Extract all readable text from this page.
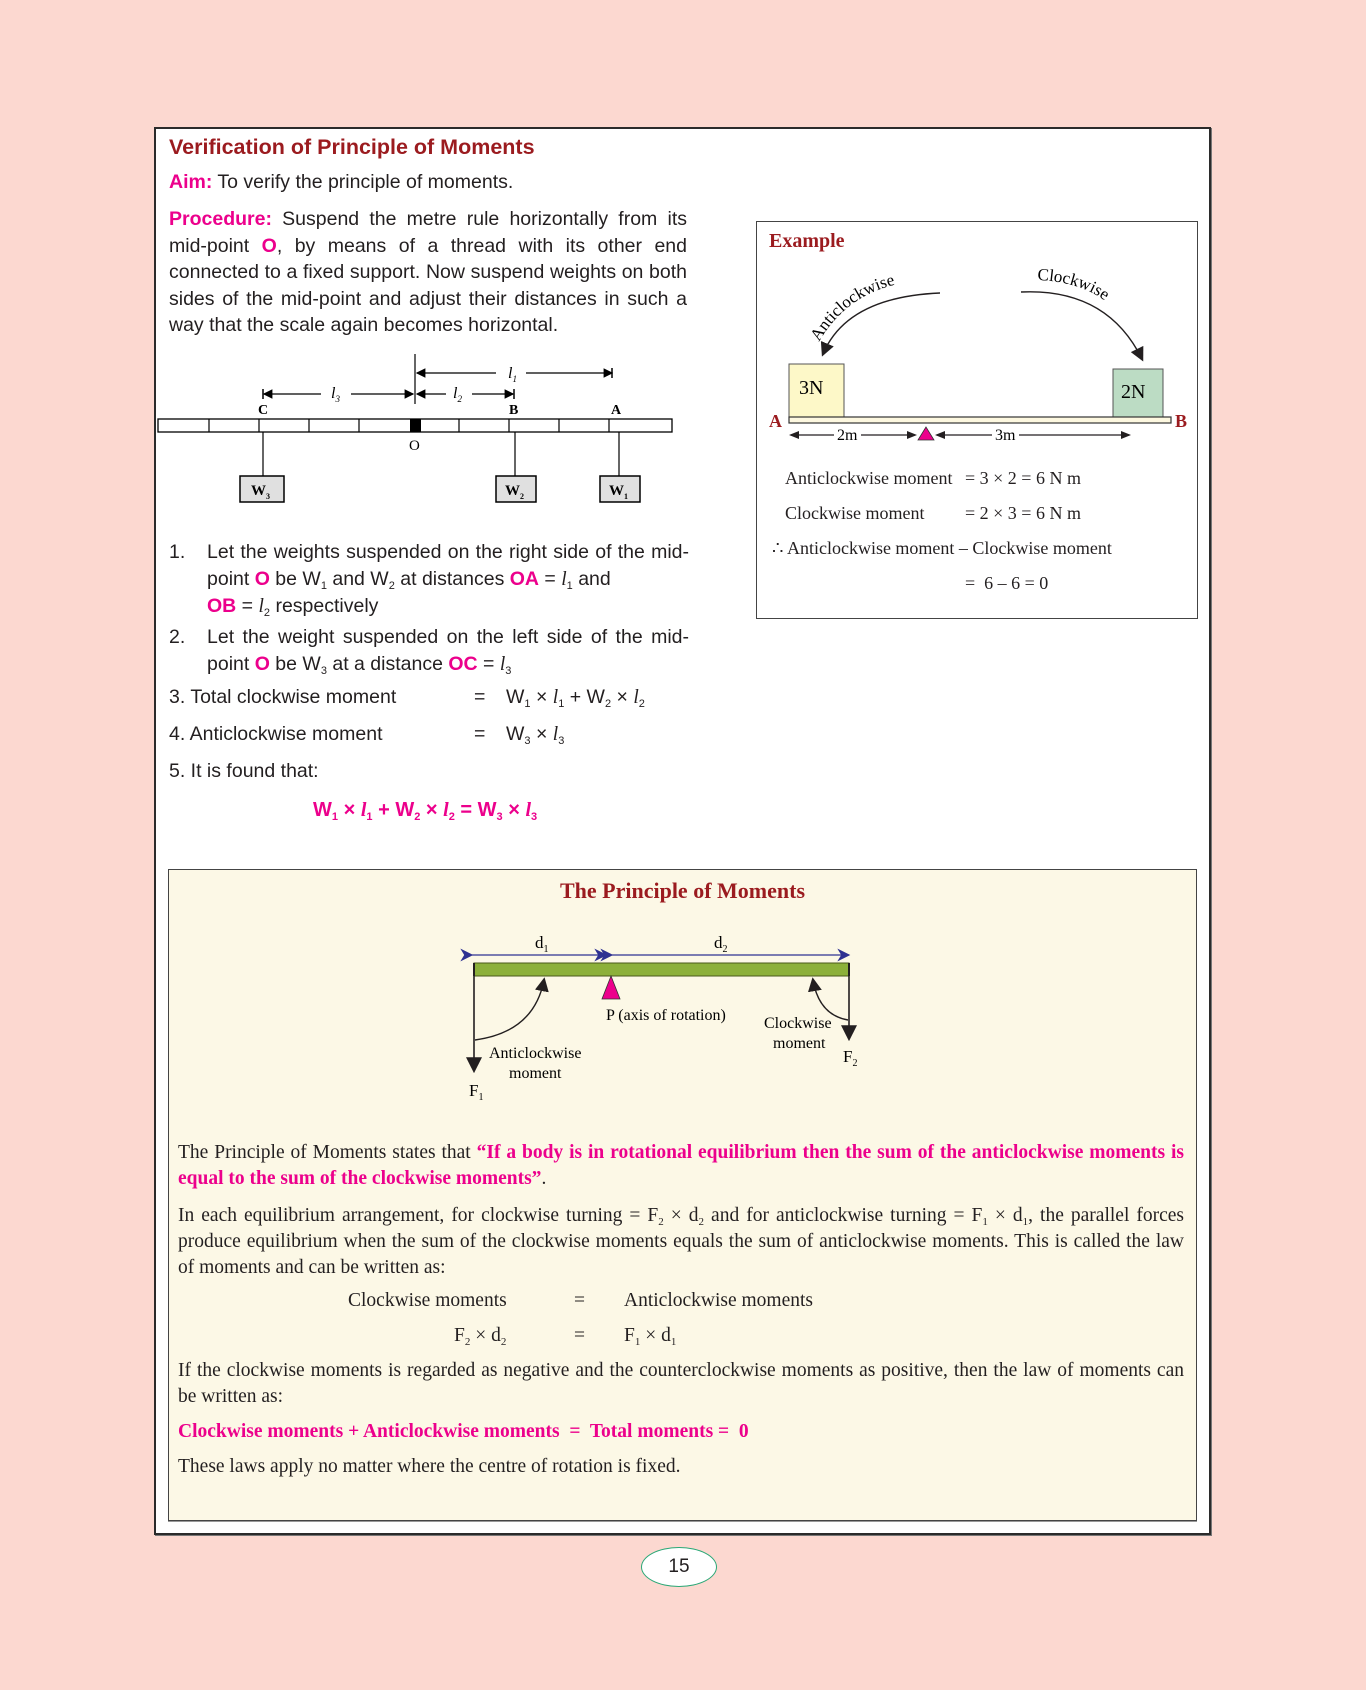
Verification of Principle of Moments
Aim: To verify the principle of moments.
Procedure: Suspend the metre rule horizontally from its mid-point O, by means of a thread with its other end connected to a fixed support. Now suspend weights on both sides of the mid-point and adjust their distances in such a way that the scale again becomes horizontal.
$l_1$
$l_3$	$l_2$
C	B	A
O
$W_3$	$W_2$	$W_1$
1.	Let the weights suspended on the right side of the mid-point O be $W_1$ and $W_2$ at distances OA = $l_1$ and
OB = $l_2$ respectively
2.	Let the weight suspended on the left side of the mid-point O be $W_3$ at a distance OC = $l_3$
3. Total clockwise moment	= $W_1 \times l_1 + W_2 \times l_2$
4. Anticlockwise moment	= $W_3 \times l_3$
5. It is found that:
$W_1 \times l_1 + W_2 \times l_2 = W_3 \times l_3$
Example
Anticlockwise	Clockwise
3N	2N
A	B
2m	3m
Anticlockwise moment = 3 × 2 = 6 N m
Clockwise moment = 2 × 3 = 6 N m
∴ Anticlockwise moment – Clockwise moment
=  6 – 6 = 0
The Principle of Moments
$d_1$	$d_2$
P (axis of rotation)
$F_1$
Anticlockwise
moment
$F_2$
Clockwise
moment
The Principle of Moments states that “If a body is in rotational equilibrium then the sum of the anticlockwise moments is equal to the sum of the clockwise moments”.
In each equilibrium arrangement, for clockwise turning = $F_2 \times d_2$ and for anticlockwise turning = $F_1 \times d_1$, the parallel forces produce equilibrium when the sum of the clockwise moments equals the sum of anticlockwise moments. This is called the law of moments and can be written as:
Clockwise moments	= Anticlockwise moments
$F_2 \times d_2$	= $F_1 \times d_1$
If the clockwise moments is regarded as negative and the counterclockwise moments as positive, then the law of moments can be written as:
Clockwise moments + Anticlockwise moments  =  Total moments =  0
These laws apply no matter where the centre of rotation is fixed.
15
